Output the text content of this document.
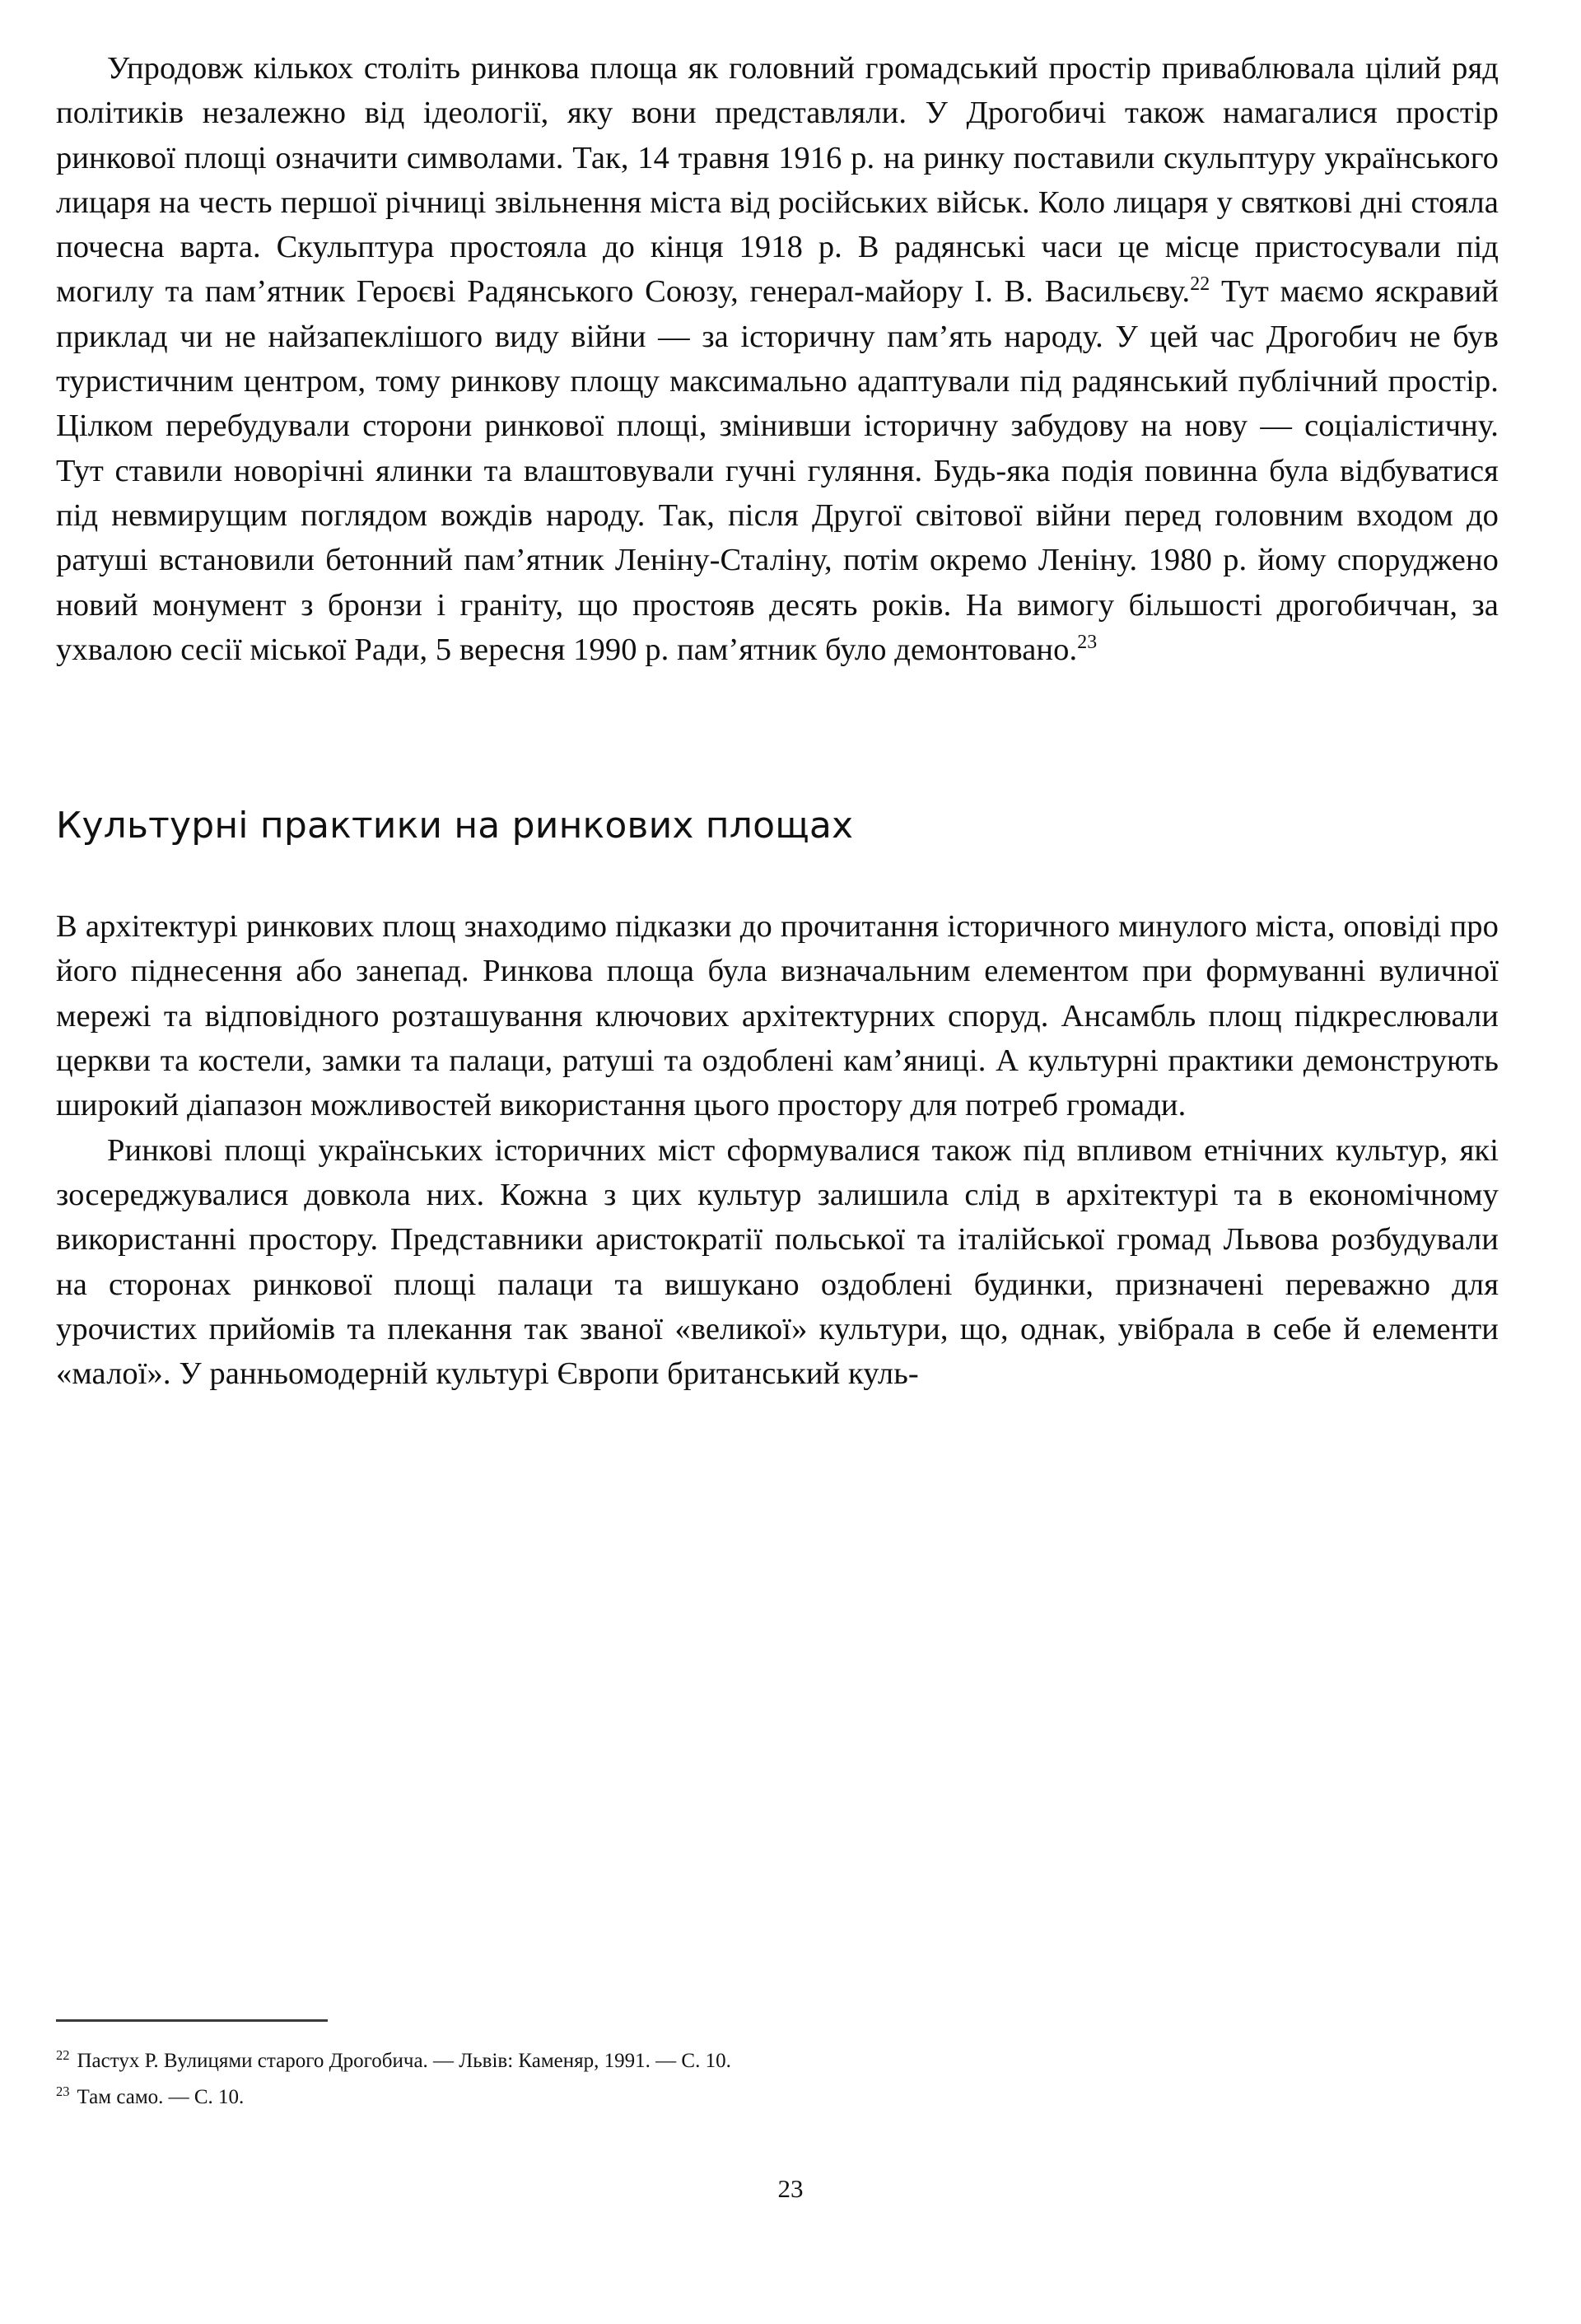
Упродовж кількох століть ринкова площа як головний громадський простір приваблювала цілий ряд політиків незалежно від ідеології, яку вони представляли. У Дрогобичі також намагалися простір ринкової площі означити символами. Так, 14 травня 1916 р. на ринку поставили скульптуру українського лицаря на честь першої річниці звільнення міста від російських військ. Коло лицаря у святкові дні стояла почесна варта. Скульптура простояла до кінця 1918 р. В радянські часи це місце пристосували під могилу та пам’ятник Героєві Радянського Союзу, генерал-майору І. В. Васильєву.$^{22}$ Тут маємо яскравий приклад чи не найзапеклішого виду війни — за історичну пам’ять народу. У цей час Дрогобич не був туристичним центром, тому ринкову площу максимально адаптували під радянський публічний простір. Цілком перебудували сторони ринкової площі, змінивши історичну забудову на нову — соціалістичну. Тут ставили новорічні ялинки та влаштовували гучні гуляння. Будь-яка подія повинна була відбуватися під невмирущим поглядом вождів народу. Так, після Другої світової війни перед головним входом до ратуші встановили бетонний пам’ятник Леніну-Сталіну, потім окремо Леніну. 1980 р. йому споруджено новий монумент з бронзи і граніту, що простояв десять років. На вимогу більшості дрогобиччан, за ухвалою сесії міської Ради, 5 вересня 1990 р. пам’ятник було демонтовано.$^{23}$

Культурні практики на ринкових площах

В архітектурі ринкових площ знаходимо підказки до прочитання історичного минулого міста, оповіді про його піднесення або занепад. Ринкова площа була визначальним елементом при формуванні вуличної мережі та відповідного розташування ключових архітектурних споруд. Ансамбль площ підкреслювали церкви та костели, замки та палаци, ратуші та оздоблені кам’яниці. А культурні практики демонструють широкий діапазон можливостей використання цього простору для потреб громади.

Ринкові площі українських історичних міст сформувалися також під впливом етнічних культур, які зосереджувалися довкола них. Кожна з цих культур залишила слід в архітектурі та в економічному використанні простору. Представники аристократії польської та італійської громад Львова розбудували на сторонах ринкової площі палаци та вишукано оздоблені будинки, призначені переважно для урочистих прийомів та плекання так званої «великої» культури, що, однак, увібрала в себе й елементи «малої». У ранньомодерній культурі Європи британський куль-

$^{22}$ Пастух Р. Вулицями старого Дрогобича. — Львів: Каменяр, 1991. — С. 10.

$^{23}$ Там само. — С. 10.

23
